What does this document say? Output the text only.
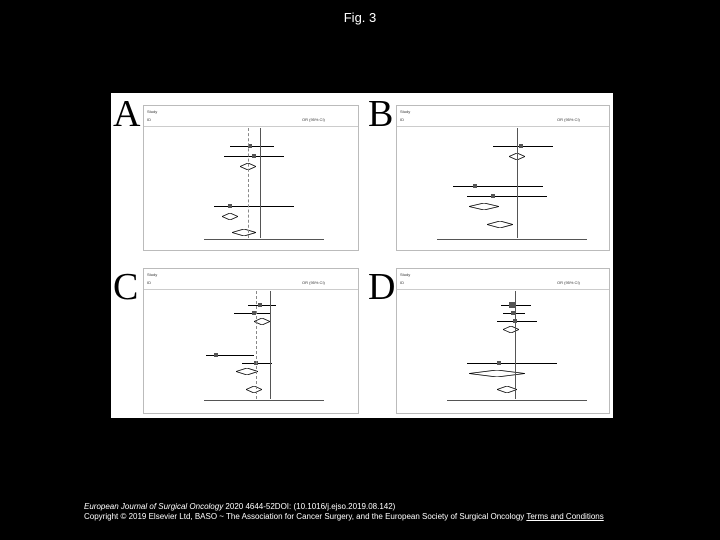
Fig. 3
A Study
ID	OR (95% CI) B Study
ID	OR (95% CI)
C Study
ID	OR (95% CI) D Study
ID	OR (95% CI)
European Journal of Surgical Oncology 2020 4644-52DOI: (10.1016/j.ejso.2019.08.142)
Copyright © 2019 Elsevier Ltd, BASO ~ The Association for Cancer Surgery, and the European Society of Surgical Oncology Terms and Conditions
